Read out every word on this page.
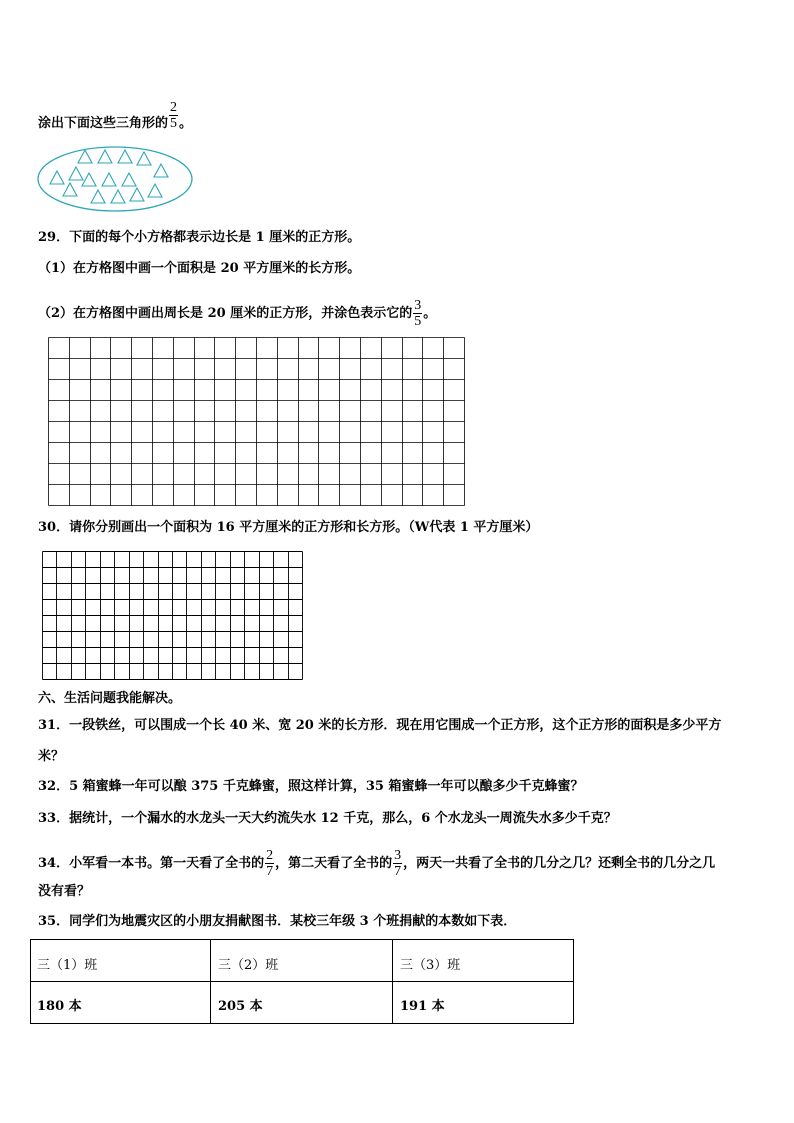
涂出下面这些三角形的 $\frac{2}{5}$ 。
29．下面的每个小方格都表示边长是 1 厘米的正方形。
（1）在方格图中画一个面积是 20 平方厘米的长方形。
（2）在方格图中画出周长是 20 厘米的正方形，并涂色表示它的 $\frac{3}{5}$ 。
30．请你分别画出一个面积为 16 平方厘米的正方形和长方形。（W代表 1 平方厘米）
六、生活问题我能解决。
31．一段铁丝，可以围成一个长 40 米、宽 20 米的长方形．现在用它围成一个正方形，这个正方形的面积是多少平方
米？
32．5 箱蜜蜂一年可以酿 375 千克蜂蜜，照这样计算，35 箱蜜蜂一年可以酿多少千克蜂蜜？
33．据统计，一个漏水的水龙头一天大约流失水 12 千克，那么，6 个水龙头一周流失水多少千克？
34．小军看一本书。第一天看了全书的 $\frac{2}{7}$ ，第二天看了全书的 $\frac{3}{7}$ ，两天一共看了全书的几分之几？还剩全书的几分之几
没有看？
35．同学们为地震灾区的小朋友捐献图书．某校三年级 3 个班捐献的本数如下表．
三（1）班	三（2）班	三（3）班
180 本	205 本	191 本
